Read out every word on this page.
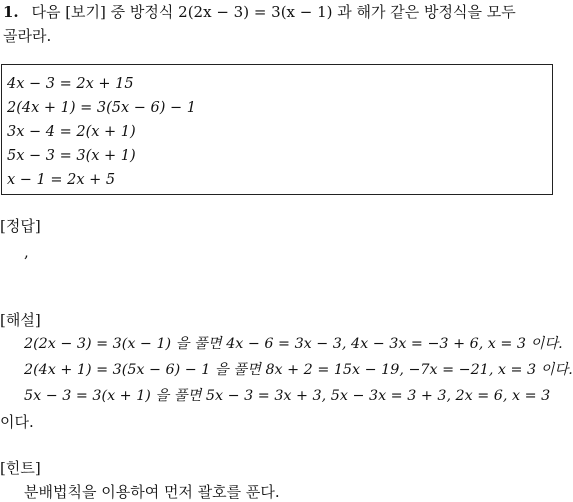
1. 다음 [보기] 중 방정식 2(2x − 3) = 3(x − 1) 과 해가 같은 방정식을 모두
골라라.
4x − 3 = 2x + 15
2(4x + 1) = 3(5x − 6) − 1
3x − 4 = 2(x + 1)
5x − 3 = 3(x + 1)
x − 1 = 2x + 5
[정답]
,
[해설]
2(2x − 3) = 3(x − 1) 을 풀면 4x − 6 = 3x − 3, 4x − 3x = −3 + 6, x = 3 이다.
2(4x + 1) = 3(5x − 6) − 1 을 풀면 8x + 2 = 15x − 19, −7x = −21, x = 3 이다.
5x − 3 = 3(x + 1) 을 풀면 5x − 3 = 3x + 3, 5x − 3x = 3 + 3, 2x = 6, x = 3
이다.
[힌트]
분배법칙을 이용하여 먼저 괄호를 푼다.
